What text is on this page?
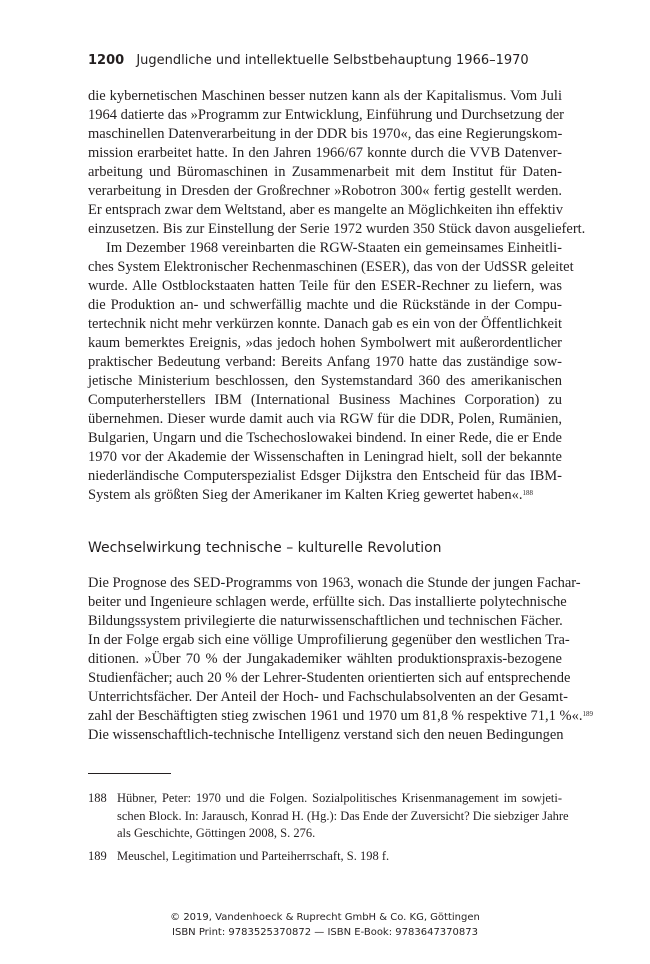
1200 Jugendliche und intellektuelle Selbstbehauptung 1966–1970
die kybernetischen Maschinen besser nutzen kann als der Kapitalismus. Vom Juli
1964 datierte das »Programm zur Entwicklung, Einführung und Durchsetzung der
maschinellen Datenverarbeitung in der DDR bis 1970«, das eine Regierungskom-
mission erarbeitet hatte. In den Jahren 1966/67 konnte durch die VVB Datenver-
arbeitung und Büromaschinen in Zusammenarbeit mit dem Institut für Daten-
verarbeitung in Dresden der Großrechner »Robotron 300« fertig gestellt werden.
Er entsprach zwar dem Weltstand, aber es mangelte an Möglichkeiten ihn effektiv
einzusetzen. Bis zur Einstellung der Serie 1972 wurden 350 Stück davon ausgeliefert.
Im Dezember 1968 vereinbarten die RGW-Staaten ein gemeinsames Einheitli-
ches System Elektronischer Rechenmaschinen (ESER), das von der UdSSR geleitet
wurde. Alle Ostblockstaaten hatten Teile für den ESER-Rechner zu liefern, was
die Produktion an- und schwerfällig machte und die Rückstände in der Compu-
tertechnik nicht mehr verkürzen konnte. Danach gab es ein von der Öffentlichkeit
kaum bemerktes Ereignis, »das jedoch hohen Symbolwert mit außerordentlicher
praktischer Bedeutung verband: Bereits Anfang 1970 hatte das zuständige sow-
jetische Ministerium beschlossen, den Systemstandard 360 des amerikanischen
Computerherstellers IBM (International Business Machines Corporation) zu
übernehmen. Dieser wurde damit auch via RGW für die DDR, Polen, Rumänien,
Bulgarien, Ungarn und die Tschechoslowakei bindend. In einer Rede, die er Ende
1970 vor der Akademie der Wissenschaften in Leningrad hielt, soll der bekannte
niederländische Computerspezialist Edsger Dijkstra den Entscheid für das IBM-
System als größten Sieg der Amerikaner im Kalten Krieg gewertet haben«.$^{188}$
Wechselwirkung technische – kulturelle Revolution
Die Prognose des SED-Programms von 1963, wonach die Stunde der jungen Fachar-
beiter und Ingenieure schlagen werde, erfüllte sich. Das installierte polytechnische
Bildungssystem privilegierte die naturwissenschaftlichen und technischen Fächer.
In der Folge ergab sich eine völlige Umprofilierung gegenüber den westlichen Tra-
ditionen. »Über 70 % der Jungakademiker wählten produktionspraxis-bezogene
Studienfächer; auch 20 % der Lehrer-Studenten orientierten sich auf entsprechende
Unterrichtsfächer. Der Anteil der Hoch- und Fachschulabsolventen an der Gesamt-
zahl der Beschäftigten stieg zwischen 1961 und 1970 um 81,8 % respektive 71,1 %«.$^{189}$
Die wissenschaftlich-technische Intelligenz verstand sich den neuen Bedingungen
188 Hübner, Peter: 1970 und die Folgen. Sozialpolitisches Krisenmanagement im sowjeti-
schen Block. In: Jarausch, Konrad H. (Hg.): Das Ende der Zuversicht? Die siebziger Jahre
als Geschichte, Göttingen 2008, S. 276.
189 Meuschel, Legitimation und Parteiherrschaft, S. 198 f.
© 2019, Vandenhoeck & Ruprecht GmbH & Co. KG, Göttingen
ISBN Print: 9783525370872 — ISBN E-Book: 9783647370873
